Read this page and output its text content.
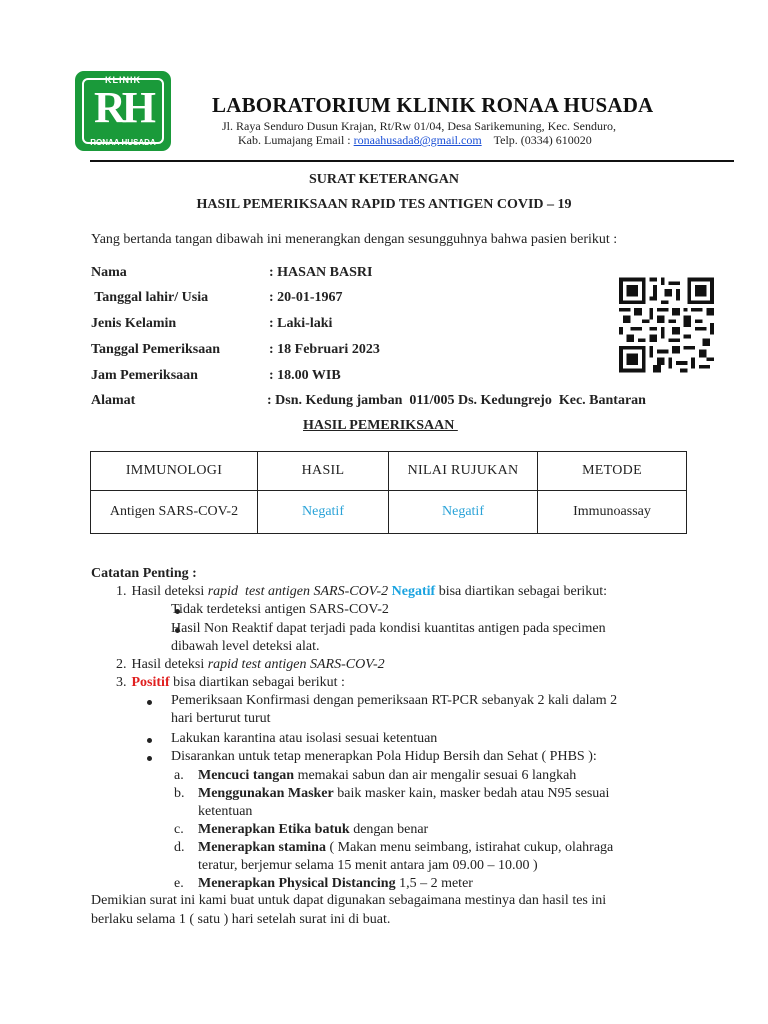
KLINIK
RH
RONAA HUSADA
LABORATORIUM KLINIK RONAA HUSADA
Jl. Raya Senduro Dusun Krajan, Rt/Rw 01/04, Desa Sarikemuning, Kec. Senduro,
Kab. Lumajang Email : ronaahusada8@gmail.com Telp. (0334) 610020
SURAT KETERANGAN
HASIL PEMERIKSAAN RAPID TES ANTIGEN COVID – 19
Yang bertanda tangan dibawah ini menerangkan dengan sesungguhnya bahwa pasien berikut :
Nama	: HASAN BASRI
Tanggal lahir/ Usia	: 20-01-1967
Jenis Kelamin	: Laki-laki
Tanggal Pemeriksaan	: 18 Februari 2023
Jam Pemeriksaan	: 18.00 WIB
Alamat	: Dsn. Kedung jamban  011/005 Ds. Kedungrejo  Kec. Bantaran
HASIL PEMERIKSAAN
IMMUNOLOGI	HASIL	NILAI RUJUKAN	METODE
Antigen SARS-COV-2	Negatif	Negatif	Immunoassay
Catatan Penting :
1. Hasil deteksi rapid  test antigen SARS-COV-2 Negatif bisa diartikan sebagai berikut:
Tidak terdeteksi antigen SARS-COV-2
Hasil Non Reaktif dapat terjadi pada kondisi kuantitas antigen pada specimen
dibawah level deteksi alat.
2. Hasil deteksi rapid test antigen SARS-COV-2
3. Positif bisa diartikan sebagai berikut :
Pemeriksaan Konfirmasi dengan pemeriksaan RT-PCR sebanyak 2 kali dalam 2
hari berturut turut
Lakukan karantina atau isolasi sesuai ketentuan
Disarankan untuk tetap menerapkan Pola Hidup Bersih dan Sehat ( PHBS ):
a. Mencuci tangan memakai sabun dan air mengalir sesuai 6 langkah
b. Menggunakan Masker baik masker kain, masker bedah atau N95 sesuai
ketentuan
c. Menerapkan Etika batuk dengan benar
d. Menerapkan stamina ( Makan menu seimbang, istirahat cukup, olahraga
teratur, berjemur selama 15 menit antara jam 09.00 – 10.00 )
e. Menerapkan Physical Distancing 1,5 – 2 meter
Demikian surat ini kami buat untuk dapat digunakan sebagaimana mestinya dan hasil tes ini
berlaku selama 1 ( satu ) hari setelah surat ini di buat.
